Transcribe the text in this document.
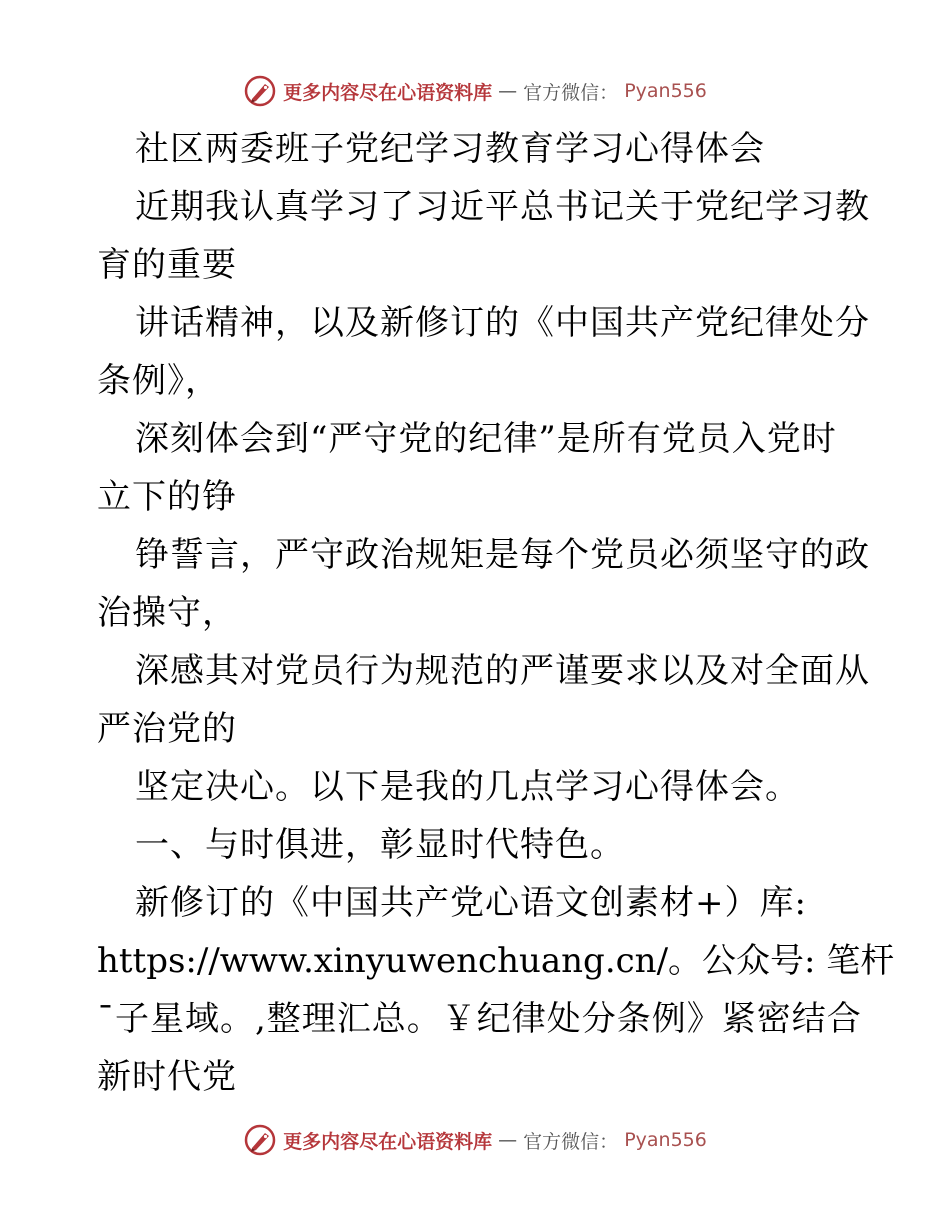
更多内容尽在心语资料库 — 官方微信： Pyan556
社区两委班子党纪学习教育学习心得体会
近期我认真学习了习近平总书记关于党纪学习教
育的重要
讲话精神，以及新修订的《中国共产党纪律处分
条例》，
深刻体会到“严守党的纪律”是所有党员入党时
立下的铮
铮誓言，严守政治规矩是每个党员必须坚守的政
治操守，
深感其对党员行为规范的严谨要求以及对全面从
严治党的
坚定决心。以下是我的几点学习心得体会。
一、与时俱进，彰显时代特色。
新修订的《中国共产党心语文创素材+）库:
https://www.xinyuwenchuang.cn/。公众号: 笔杆
¯子星域。,整理汇总。￥纪律处分条例》紧密结合
新时代党
更多内容尽在心语资料库 — 官方微信： Pyan556
